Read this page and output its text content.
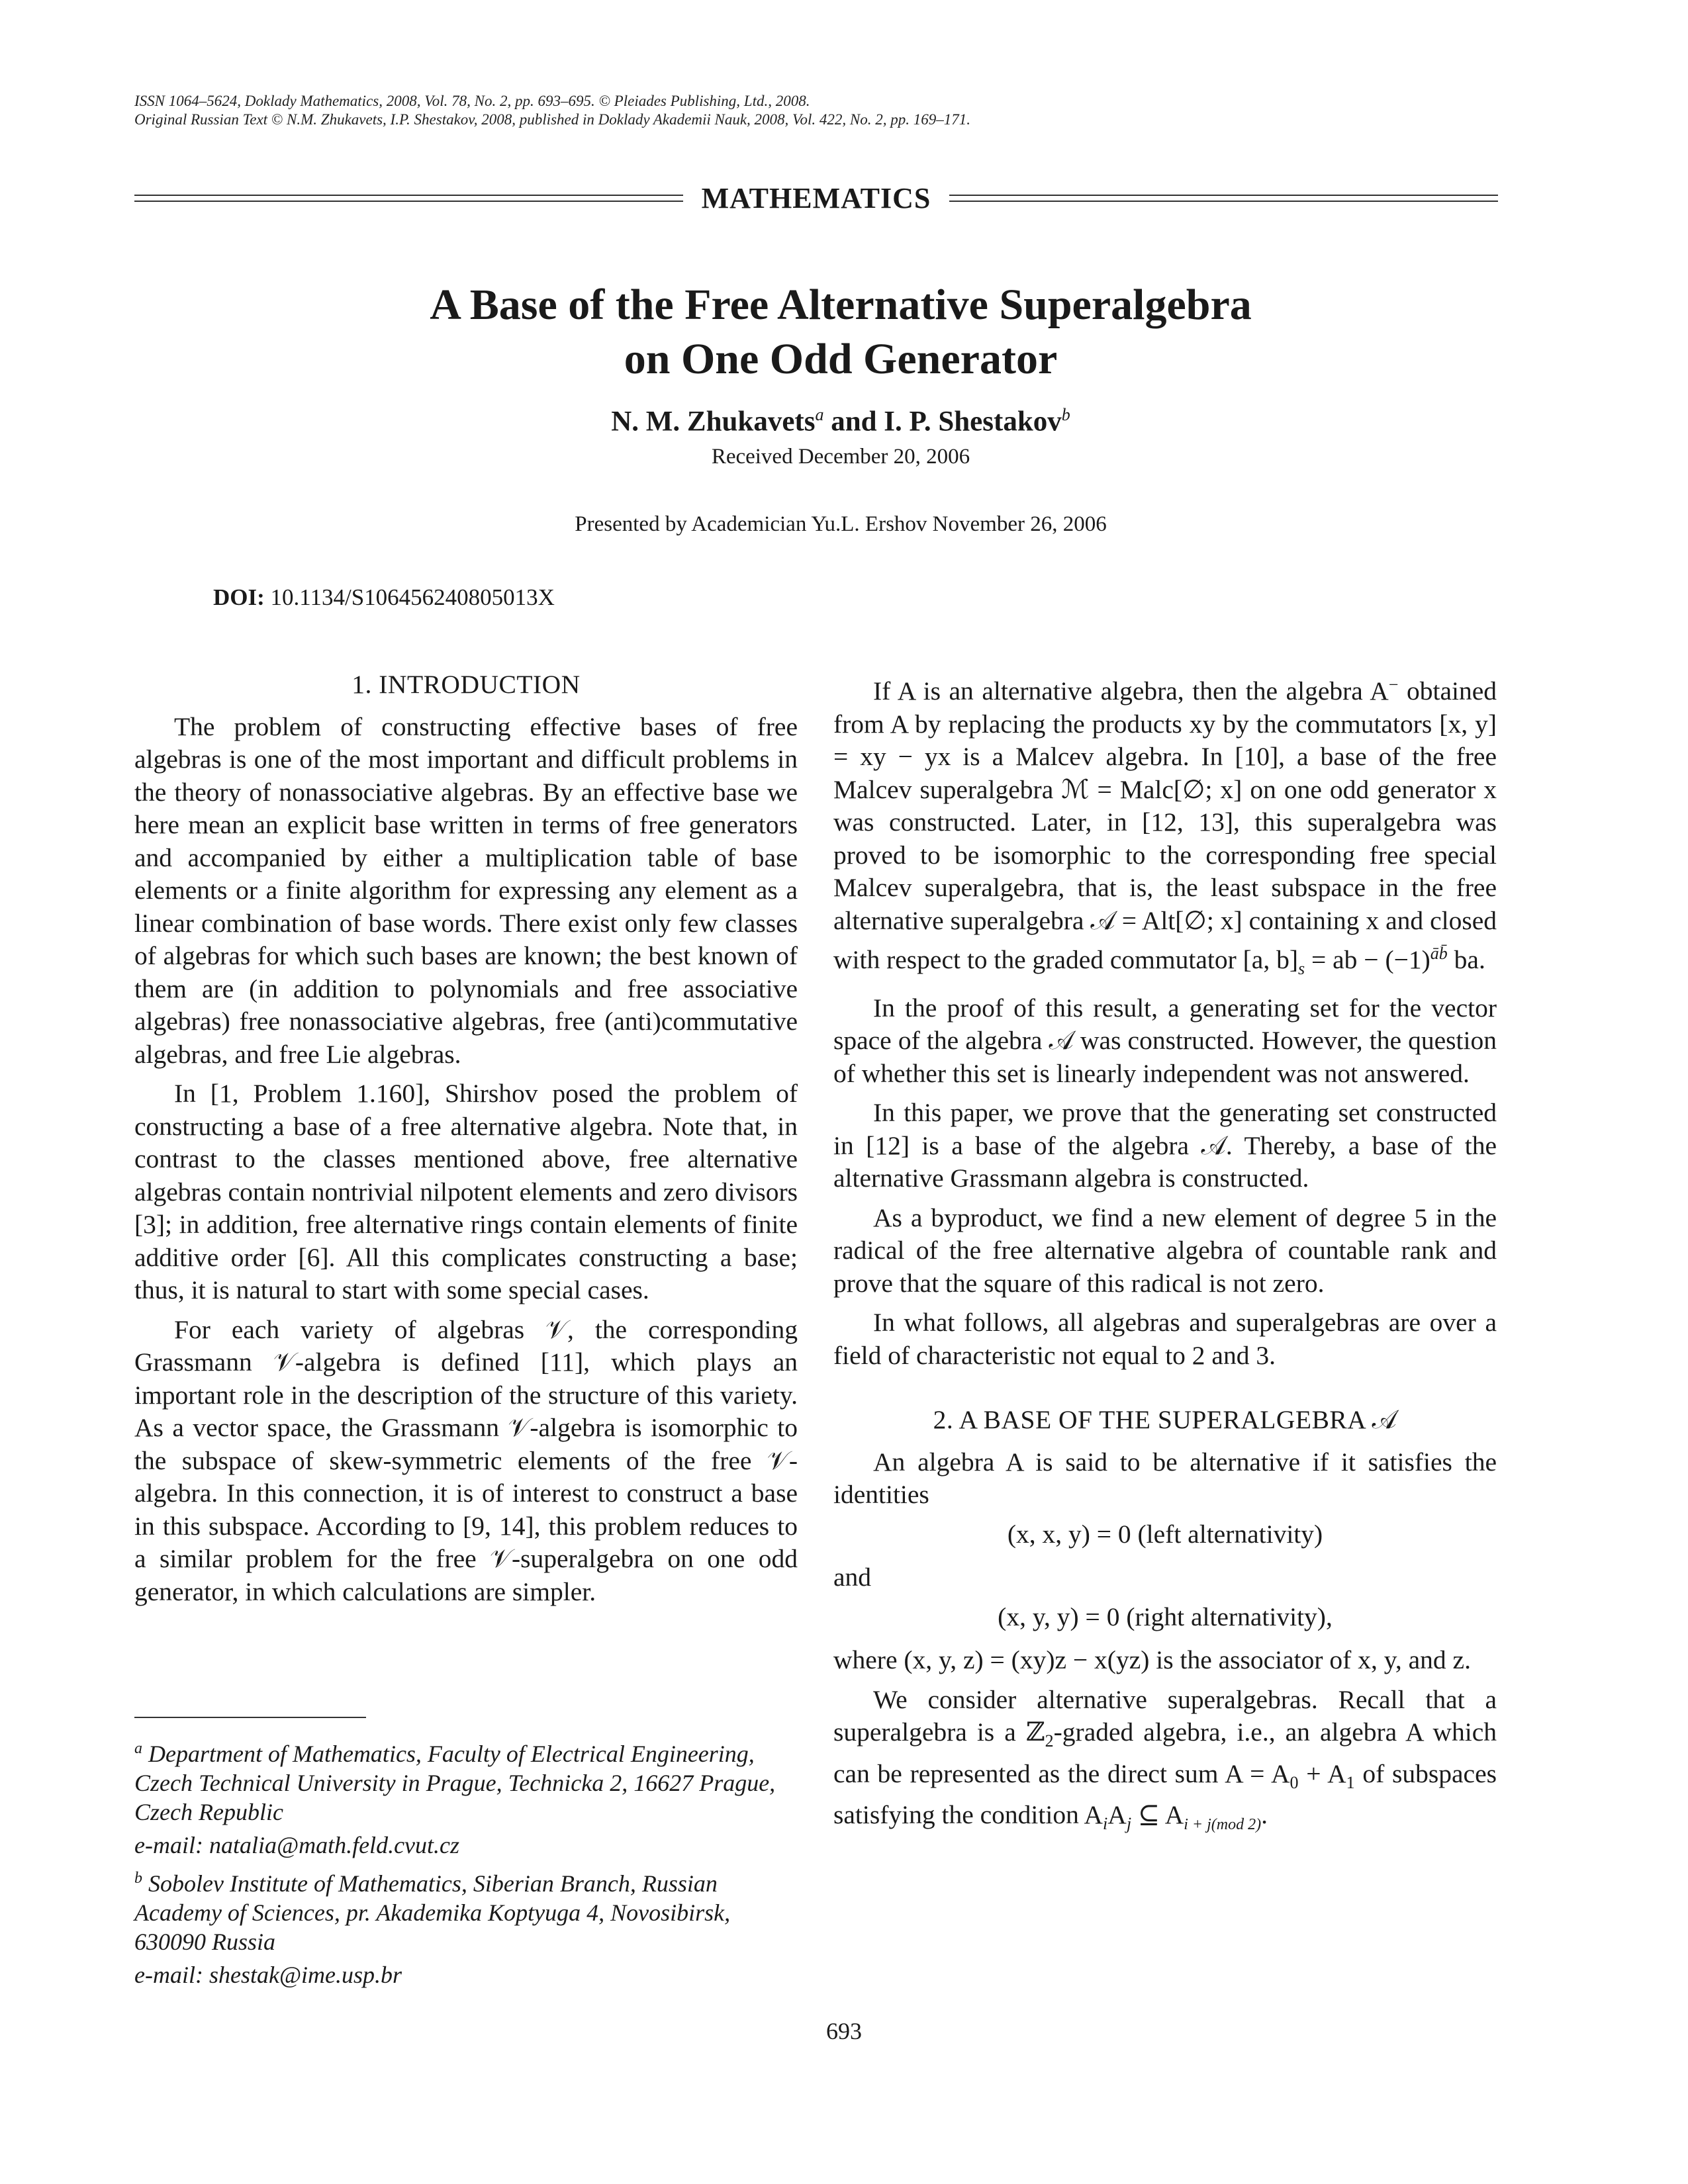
ISSN 1064–5624, Doklady Mathematics, 2008, Vol. 78, No. 2, pp. 693–695. © Pleiades Publishing, Ltd., 2008.
Original Russian Text © N.M. Zhukavets, I.P. Shestakov, 2008, published in Doklady Akademii Nauk, 2008, Vol. 422, No. 2, pp. 169–171.
MATHEMATICS
A Base of the Free Alternative Superalgebra
on One Odd Generator
N. M. Zhukavets$^a$ and I. P. Shestakov$^b$
Received December 20, 2006
Presented by Academician Yu.L. Ershov November 26, 2006
DOI: 10.1134/S106456240805013X

1. INTRODUCTION

The problem of constructing effective bases of free algebras is one of the most important and difficult problems in the theory of nonassociative algebras. By an effective base we here mean an explicit base written in terms of free generators and accompanied by either a multiplication table of base elements or a finite algorithm for expressing any element as a linear combination of base words. There exist only few classes of algebras for which such bases are known; the best known of them are (in addition to polynomials and free associative algebras) free nonassociative algebras, free (anti)commutative algebras, and free Lie algebras.

In [1, Problem 1.160], Shirshov posed the problem of constructing a base of a free alternative algebra. Note that, in contrast to the classes mentioned above, free alternative algebras contain nontrivial nilpotent elements and zero divisors [3]; in addition, free alternative rings contain elements of finite additive order [6]. All this complicates constructing a base; thus, it is natural to start with some special cases.

For each variety of algebras 𝒱, the corresponding Grassmann 𝒱-algebra is defined [11], which plays an important role in the description of the structure of this variety. As a vector space, the Grassmann 𝒱-algebra is isomorphic to the subspace of skew-symmetric elements of the free 𝒱-algebra. In this connection, it is of interest to construct a base in this subspace. According to [9, 14], this problem reduces to a similar problem for the free 𝒱-superalgebra on one odd generator, in which calculations are simpler.

$^a$ Department of Mathematics, Faculty of Electrical Engineering, Czech Technical University in Prague, Technicka 2, 16627 Prague, Czech Republic
e-mail: natalia@math.feld.cvut.cz
$^b$ Sobolev Institute of Mathematics, Siberian Branch, Russian Academy of Sciences, pr. Akademika Koptyuga 4, Novosibirsk, 630090 Russia
e-mail: shestak@ime.usp.br

If A is an alternative algebra, then the algebra A− obtained from A by replacing the products xy by the commutators [x, y] = xy − yx is a Malcev algebra. In [10], a base of the free Malcev superalgebra ℳ = Malc[∅; x] on one odd generator x was constructed. Later, in [12, 13], this superalgebra was proved to be isomorphic to the corresponding free special Malcev superalgebra, that is, the least subspace in the free alternative superalgebra 𝒜 = Alt[∅; x] containing x and closed with respect to the graded commutator [a, $b]_s$ = ab − $(-1)^{āb̄}$ ba.

In the proof of this result, a generating set for the vector space of the algebra 𝒜 was constructed. However, the question of whether this set is linearly independent was not answered.

In this paper, we prove that the generating set constructed in [12] is a base of the algebra 𝒜. Thereby, a base of the alternative Grassmann algebra is constructed.

As a byproduct, we find a new element of degree 5 in the radical of the free alternative algebra of countable rank and prove that the square of this radical is not zero.

In what follows, all algebras and superalgebras are over a field of characteristic not equal to 2 and 3.

2. A BASE OF THE SUPERALGEBRA 𝒜

An algebra A is said to be alternative if it satisfies the identities

(x, x, y) = 0 (left alternativity)

and

(x, y, y) = 0 (right alternativity),

where (x, y, z) = (xy)z − x(yz) is the associator of x, y, and z.

We consider alternative superalgebras. Recall that a superalgebra is a ℤ$_2$-graded algebra, i.e., an algebra A which can be represented as the direct sum $A = A_0 + A_1$ of subspaces satisfying the condition $A_iA_j$ ⊆ $A_{i + j(mod 2)}$.

693
